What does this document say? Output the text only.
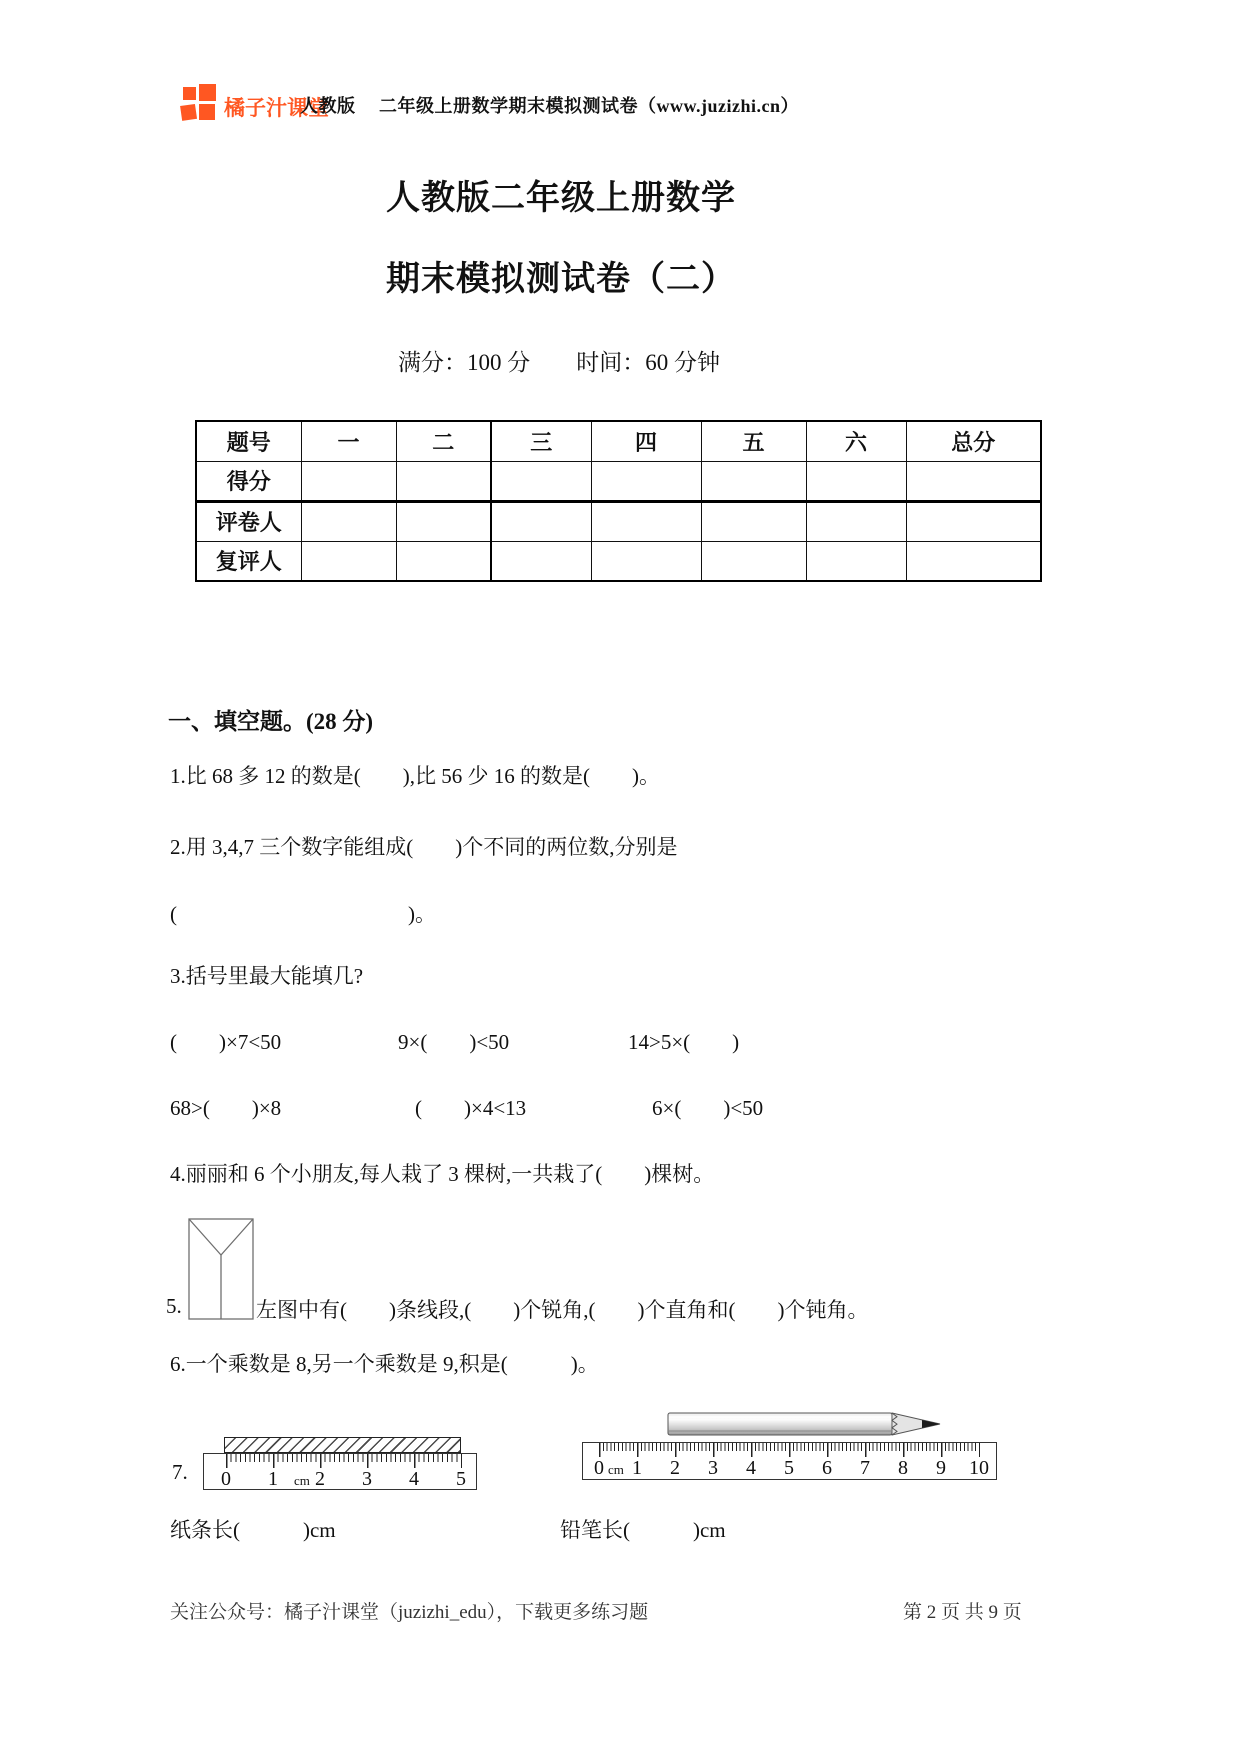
橘子汁课堂
人教版　 二年级上册数学期末模拟测试卷（www.juzizhi.cn）
人教版二年级上册数学
期末模拟测试卷（二）
满分：100 分　　时间：60 分钟
题号	一	二	三	四	五	六	总分
得分							
评卷人							
复评人							
一、填空题。(28 分)
1.比 68 多 12 的数是(　　),比 56 少 16 的数是(　　)。
2.用 3,4,7 三个数字能组成(　　)个不同的两位数,分别是
(　　　　　　　　　　　)。
3.括号里最大能填几?
(　　)×7<50	9×(　　)<50	14>5×(　　)
68>(　　)×8	(　　)×4<13	6×(　　)<50
4.丽丽和 6 个小朋友,每人栽了 3 棵树,一共栽了(　　)棵树。
5.	左图中有(　　)条线段,(　　)个锐角,(　　)个直角和(　　)个钝角。
6.一个乘数是 8,另一个乘数是 9,积是(　　　)。
0 cm 1 2 3 4 5 6 7 8 9 10
0 1 cm 2 3 4 5
7.
纸条长(　　　)cm	铅笔长(　　　)cm
关注公众号：橘子汁课堂（juzizhi_edu），下载更多练习题	第 2 页 共 9 页
